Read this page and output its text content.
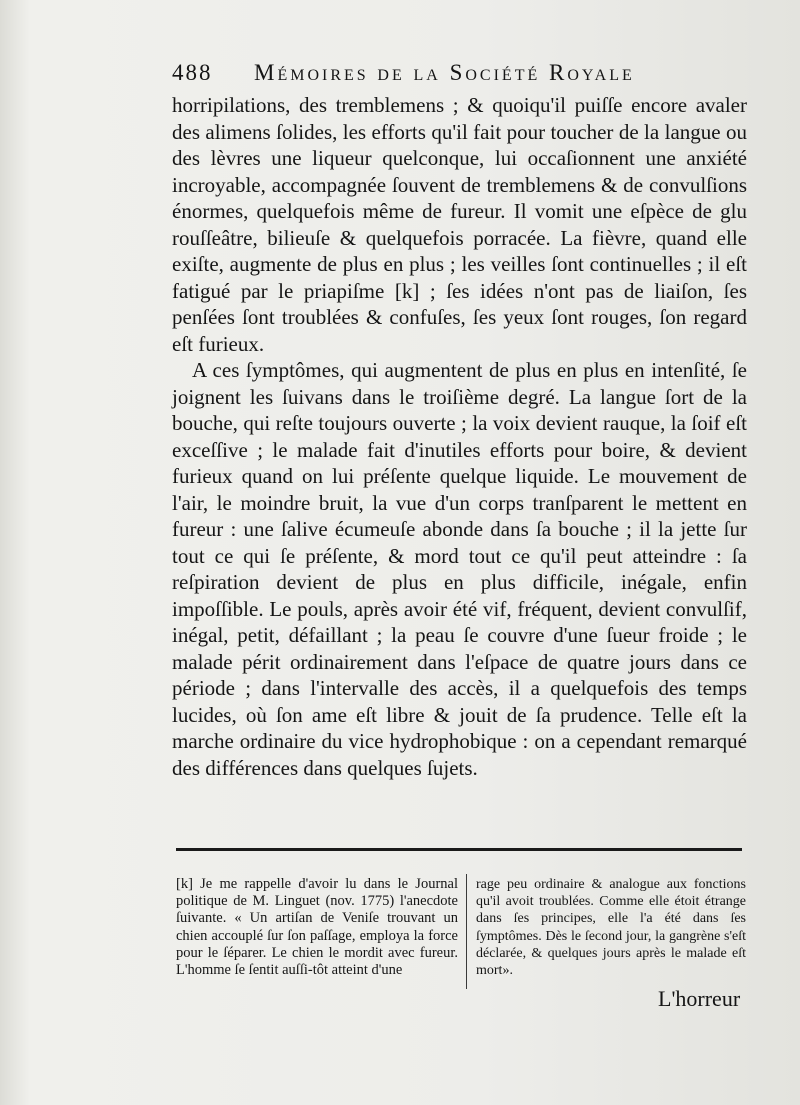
488 Mémoires de la Société Royale

horripilations, des tremblemens ; & quoiqu'il puiſſe encore avaler des alimens ſolides, les efforts qu'il fait pour toucher de la langue ou des lèvres une liqueur quelconque, lui occaſionnent une anxiété incroyable, accompagnée ſouvent de tremblemens & de convulſions énormes, quelquefois même de fureur. Il vomit une eſpèce de glu rouſſeâtre, bilieuſe & quelquefois porracée. La fièvre, quand elle exiſte, augmente de plus en plus ; les veilles ſont continuelles ; il eſt fatigué par le priapiſme [k] ; ſes idées n'ont pas de liaiſon, ſes penſées ſont troublées & confuſes, ſes yeux ſont rouges, ſon regard eſt furieux.

A ces ſymptômes, qui augmentent de plus en plus en intenſité, ſe joignent les ſuivans dans le troiſième degré. La langue ſort de la bouche, qui reſte toujours ouverte ; la voix devient rauque, la ſoif eſt exceſſive ; le malade fait d'inutiles efforts pour boire, & devient furieux quand on lui préſente quelque liquide. Le mouvement de l'air, le moindre bruit, la vue d'un corps tranſparent le mettent en fureur : une ſalive écumeuſe abonde dans ſa bouche ; il la jette ſur tout ce qui ſe préſente, & mord tout ce qu'il peut atteindre : ſa reſpiration devient de plus en plus difficile, inégale, enfin impoſſible. Le pouls, après avoir été vif, fréquent, devient convulſif, inégal, petit, défaillant ; la peau ſe couvre d'une ſueur froide ; le malade périt ordinairement dans l'eſpace de quatre jours dans ce période ; dans l'intervalle des accès, il a quelquefois des temps lucides, où ſon ame eſt libre & jouit de ſa prudence. Telle eſt la marche ordinaire du vice hydrophobique : on a cependant remarqué des différences dans quelques ſujets.

[k] Je me rappelle d'avoir lu dans le Journal politique de M. Linguet (nov. 1775) l'anecdote ſuivante. « Un artiſan de Veniſe trouvant un chien accouplé ſur ſon paſſage, employa la force pour le ſéparer. Le chien le mordit avec fureur. L'homme ſe ſentit auſſi-tôt atteint d'une
rage peu ordinaire & analogue aux fonctions qu'il avoit troublées. Comme elle étoit étrange dans ſes principes, elle l'a été dans ſes ſymptômes. Dès le ſecond jour, la gangrène s'eſt déclarée, & quelques jours après le malade eſt mort».
L'horreur
